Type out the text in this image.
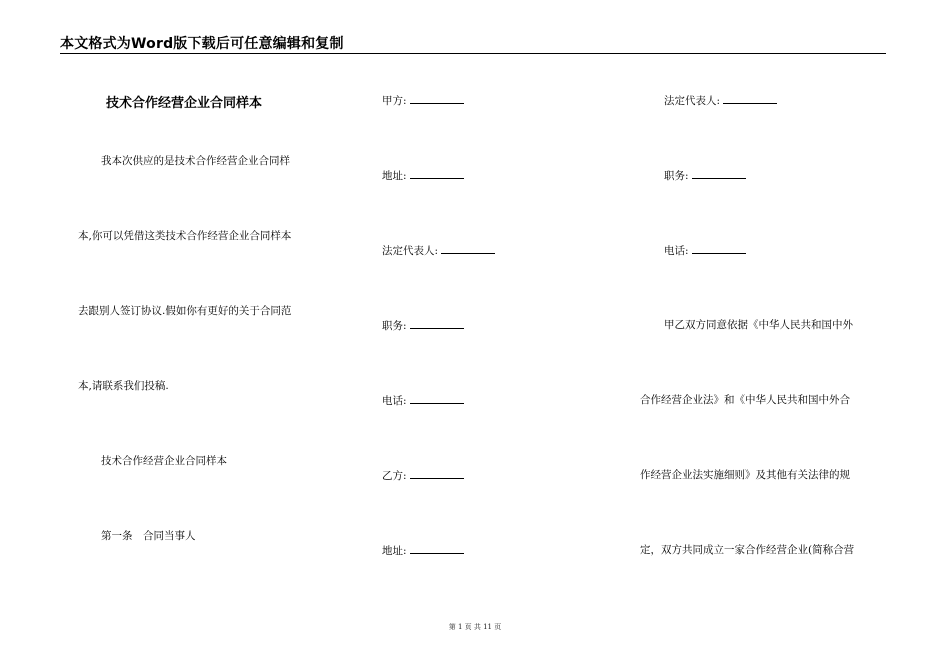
本文格式为Word版下载后可任意编辑和复制
技术合作经营企业合同样本
我本次供应的是技术合作经营企业合同样
本,你可以凭借这类技术合作经营企业合同样本
去跟别人签订协议.假如你有更好的关于合同范
本,请联系我们投稿.
技术合作经营企业合同样本
第一条　合同当事人
甲方:
地址:
法定代表人:
职务:
电话:
乙方:
地址:
法定代表人:
职务:
电话:
甲乙双方同意依据《中华人民共和国中外
合作经营企业法》和《中华人民共和国中外合
作经营企业法实施细则》及其他有关法律的规
定，双方共同成立一家合作经营企业(简称合营
第 1 页 共 11 页
